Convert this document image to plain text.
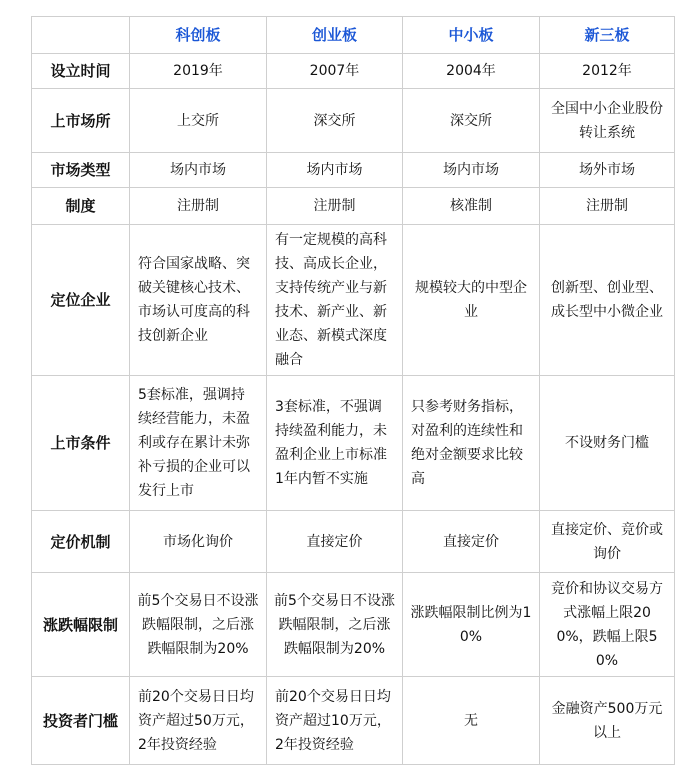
	科创板	创业板	中小板	新三板
设立时间	2019年	2007年	2004年	2012年
上市场所	上交所	深交所	深交所	全国中小企业股份转让系统
市场类型	场内市场	场内市场	场内市场	场外市场
制度	注册制	注册制	核准制	注册制
定位企业	符合国家战略、突破关键核心技术、市场认可度高的科技创新企业	有一定规模的高科技、高成长企业，支持传统产业与新技术、新产业、新业态、新模式深度融合	规模较大的中型企业	创新型、创业型、成长型中小微企业
上市条件	5套标准，强调持续经营能力，未盈利或存在累计未弥补亏损的企业可以发行上市	3套标准，不强调持续盈利能力，未盈利企业上市标准1年内暂不实施	只参考财务指标，对盈利的连续性和绝对金额要求比较高	不设财务门槛
定价机制	市场化询价	直接定价	直接定价	直接定价、竞价或询价
涨跌幅限制	前5个交易日不设涨跌幅限制，之后涨跌幅限制为20%	前5个交易日不设涨跌幅限制，之后涨跌幅限制为20%	涨跌幅限制比例为10%	竞价和协议交易方式涨幅上限200%，跌幅上限50%
投资者门槛	前20个交易日日均资产超过50万元，2年投资经验	前20个交易日日均资产超过10万元，2年投资经验	无	金融资产500万元以上
